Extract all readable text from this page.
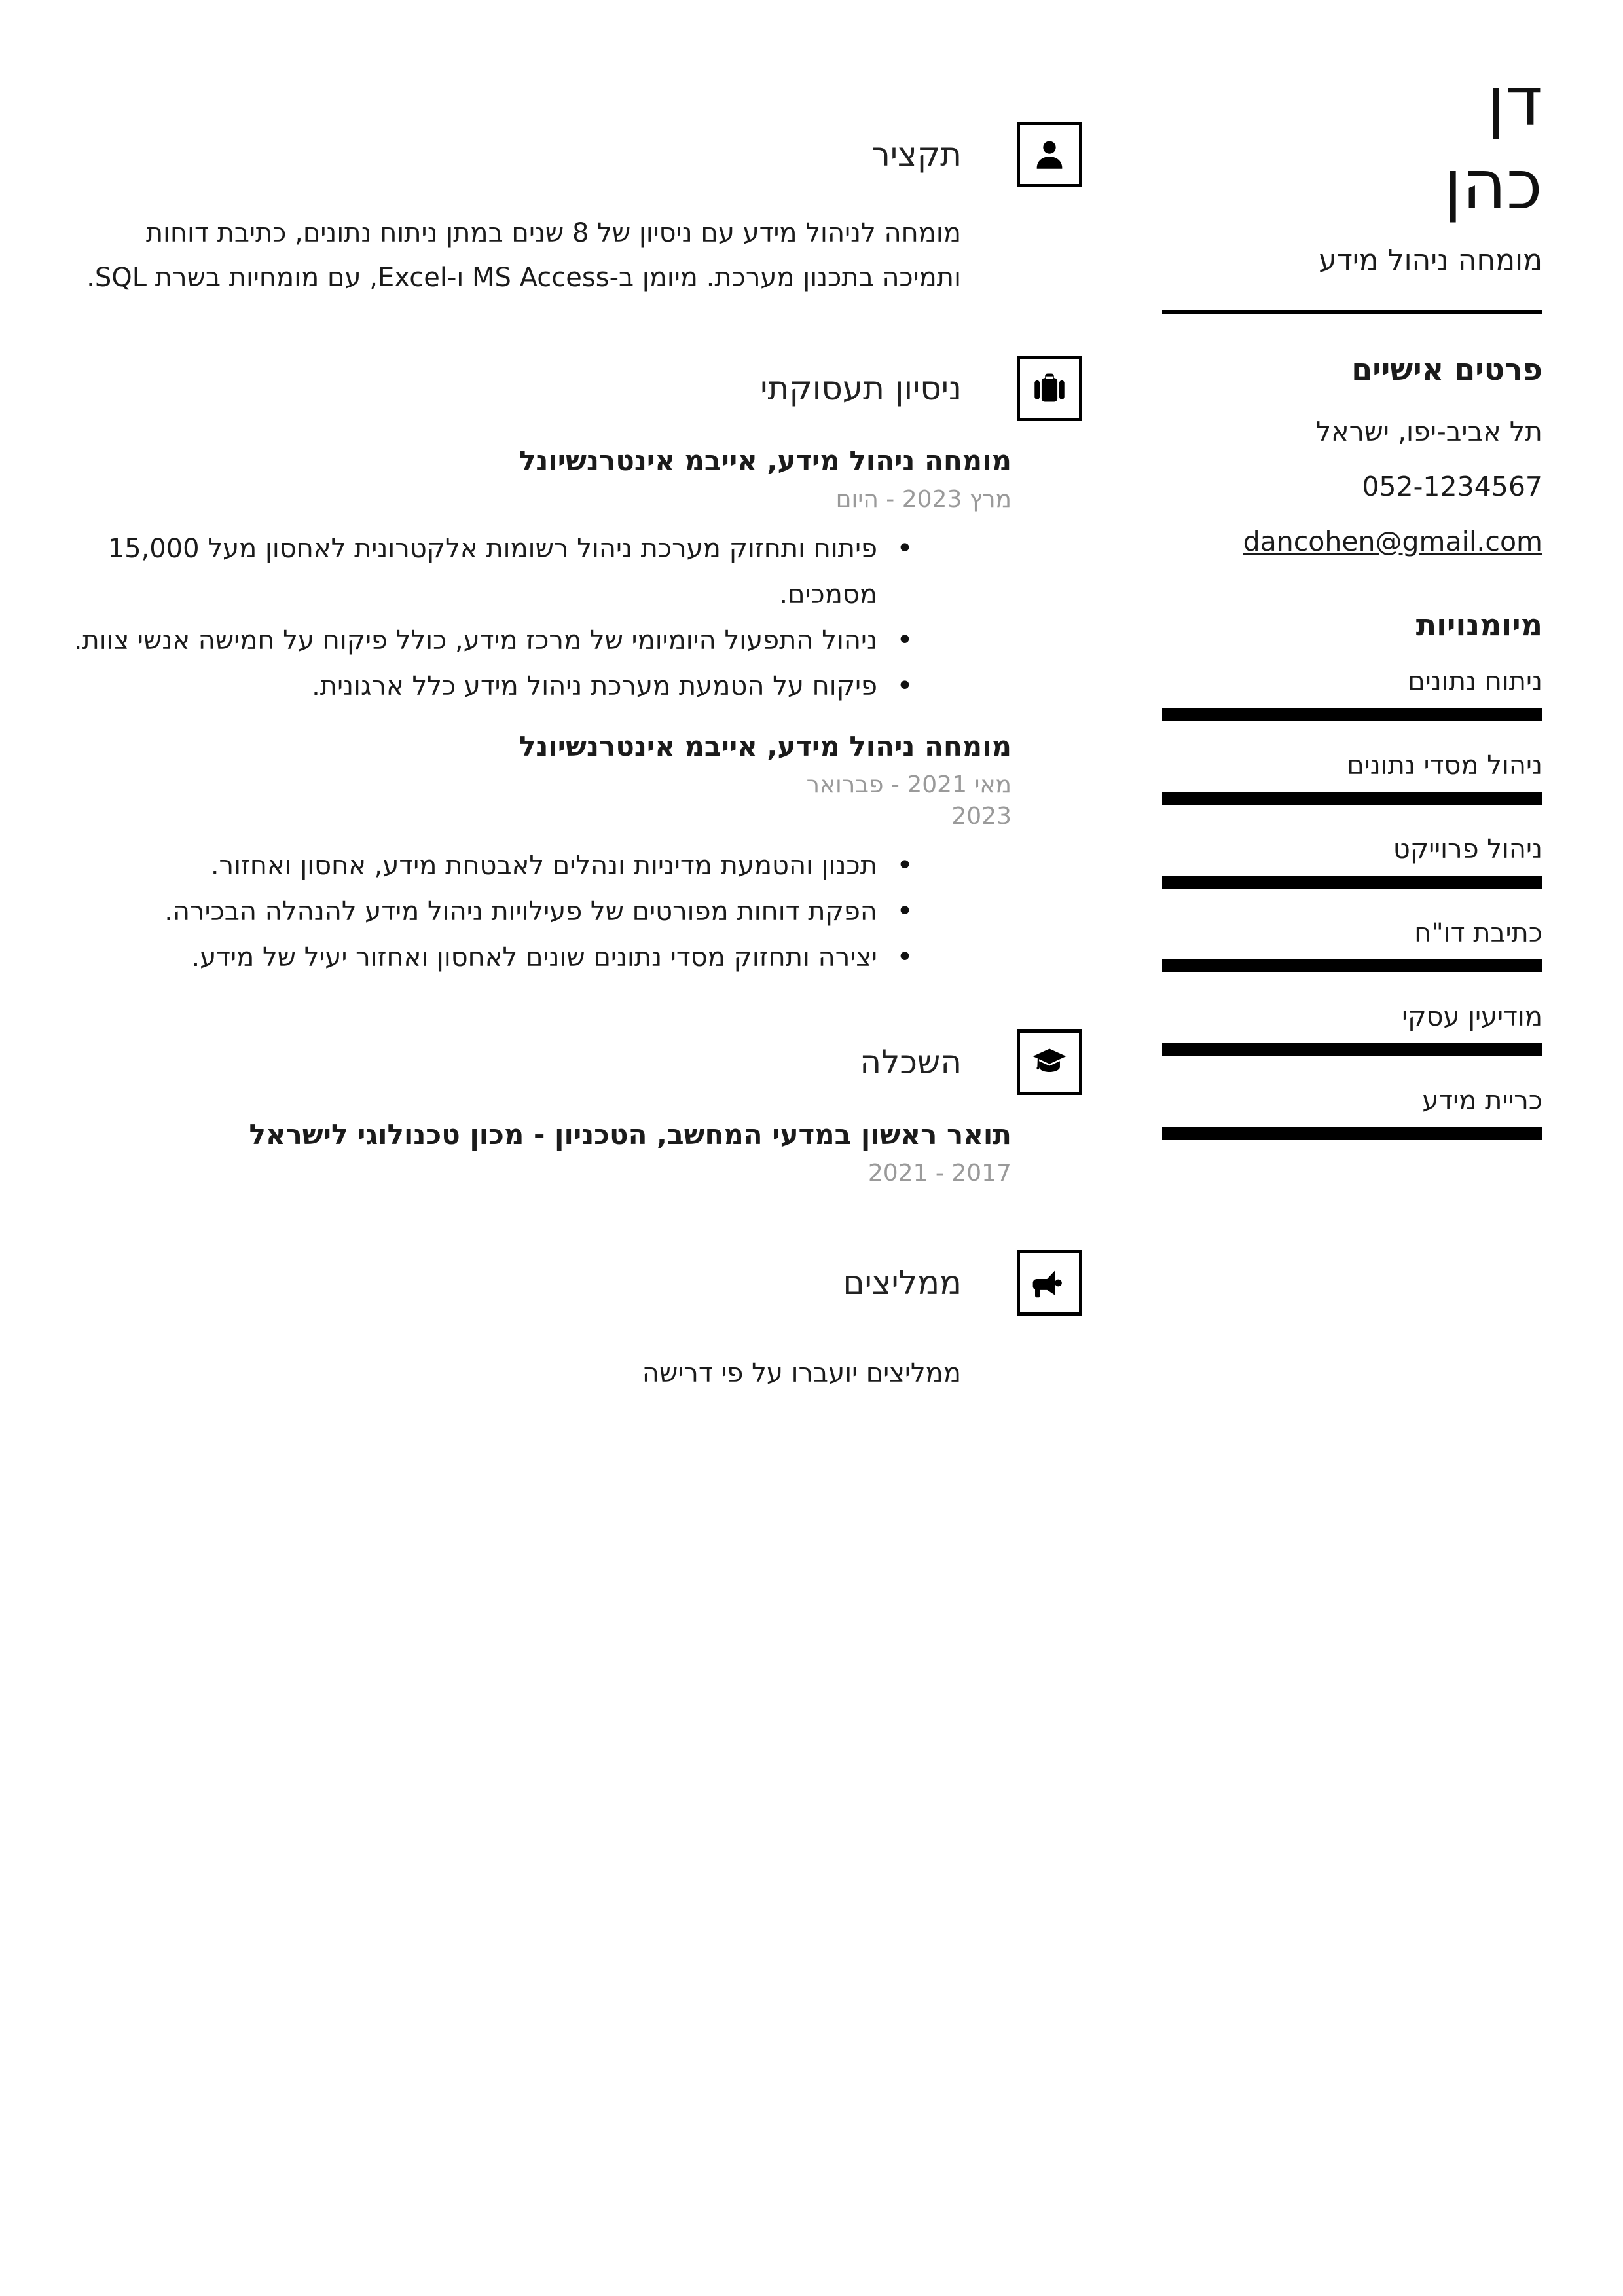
דן
כהן
מומחה ניהול מידע
פרטים אישיים
תל אביב-יפו, ישראל
052-1234567
dancohen@gmail.com
מיומנויות
ניתוח נתונים
ניהול מסדי נתונים
ניהול פרוייקט
כתיבת דו"ח
מודיעין עסקי
כריית מידע
תקציר

מומחה לניהול מידע עם ניסיון של 8 שנים במתן ניתוח נתונים, כתיבת דוחות ותמיכה בתכנון מערכת. מיומן ב-MS Access ו-Excel, עם מומחיות בשרת SQL.

ניסיון תעסוקתי
מומחה ניהול מידע, אייבמ אינטרנשיונל
מרץ 2023 - היום
• פיתוח ותחזוק מערכת ניהול רשומות אלקטרונית לאחסון מעל 15,000 מסמכים.
• ניהול התפעול היומיומי של מרכז מידע, כולל פיקוח על חמישה אנשי צוות.
• פיקוח על הטמעת מערכת ניהול מידע כלל ארגונית.
מומחה ניהול מידע, אייבמ אינטרנשיונל
מאי 2021 - פברואר 2023
• תכנון והטמעת מדיניות ונהלים לאבטחת מידע, אחסון ואחזור.
• הפקת דוחות מפורטים של פעילויות ניהול מידע להנהלה הבכירה.
• יצירה ותחזוק מסדי נתונים שונים לאחסון ואחזור יעיל של מידע.
השכלה
תואר ראשון במדעי המחשב, הטכניון - מכון טכנולוגי לישראל
2017 - 2021
ממליצים

ממליצים יועברו על פי דרישה
